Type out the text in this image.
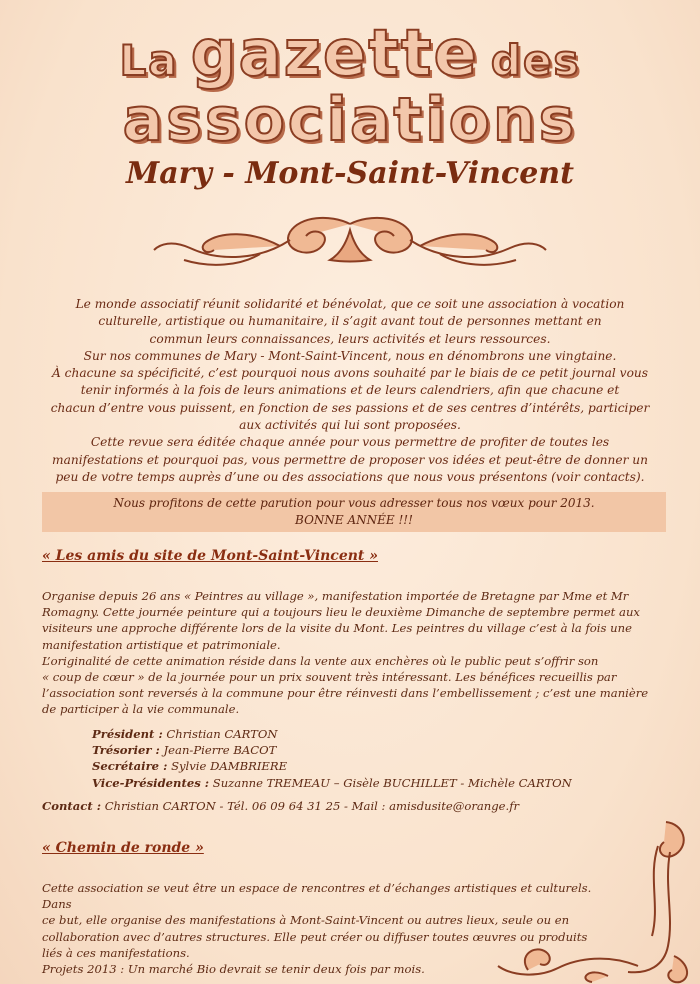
La gazette des
associations
Mary - Mont-Saint-Vincent
Le monde associatif réunit solidarité et bénévolat, que ce soit une association à vocation
culturelle, artistique ou humanitaire, il s’agit avant tout de personnes mettant en
commun leurs connaissances, leurs activités et leurs ressources.
Sur nos communes de Mary - Mont-Saint-Vincent, nous en dénombrons une vingtaine.
À chacune sa spécificité, c’est pourquoi nous avons souhaité par le biais de ce petit journal vous
tenir informés à la fois de leurs animations et de leurs calendriers, afin que chacune et
chacun d’entre vous puissent, en fonction de ses passions et de ses centres d’intérêts, participer
aux activités qui lui sont proposées.
Cette revue sera éditée chaque année pour vous permettre de profiter de toutes les
manifestations et pourquoi pas, vous permettre de proposer vos idées et peut-être de donner un
peu de votre temps auprès d’une ou des associations que nous vous présentons (voir contacts).
Nous profitons de cette parution pour vous adresser tous nos vœux pour 2013.
BONNE ANNÉE !!!
« Les amis du site de Mont-Saint-Vincent »
Organise depuis 26 ans « Peintres au village », manifestation importée de Bretagne par Mme et Mr
Romagny. Cette journée peinture qui a toujours lieu le deuxième Dimanche de septembre permet aux
visiteurs une approche différente lors de la visite du Mont. Les peintres du village c’est à la fois une
manifestation artistique et patrimoniale.
L’originalité de cette animation réside dans la vente aux enchères où le public peut s’offrir son
« coup de cœur » de la journée pour un prix souvent très intéressant. Les bénéfices recueillis par
l’association sont reversés à la commune pour être réinvesti dans l’embellissement ; c’est une manière
de participer à la vie communale.
Président : Christian CARTON
Trésorier : Jean-Pierre BACOT
Secrétaire : Sylvie DAMBRIERE
Vice-Présidentes : Suzanne TREMEAU – Gisèle BUCHILLET - Michèle CARTON
Contact : Christian CARTON - Tél. 06 09 64 31 25 - Mail : amisdusite@orange.fr
« Chemin de ronde »
Cette association se veut être un espace de rencontres et d’échanges artistiques et culturels. Dans
ce but, elle organise des manifestations à Mont-Saint-Vincent ou autres lieux, seule ou en
collaboration avec d’autres structures. Elle peut créer ou diffuser toutes œuvres ou produits
liés à ces manifestations.
Projets 2013 : Un marché Bio devrait se tenir deux fois par mois.
